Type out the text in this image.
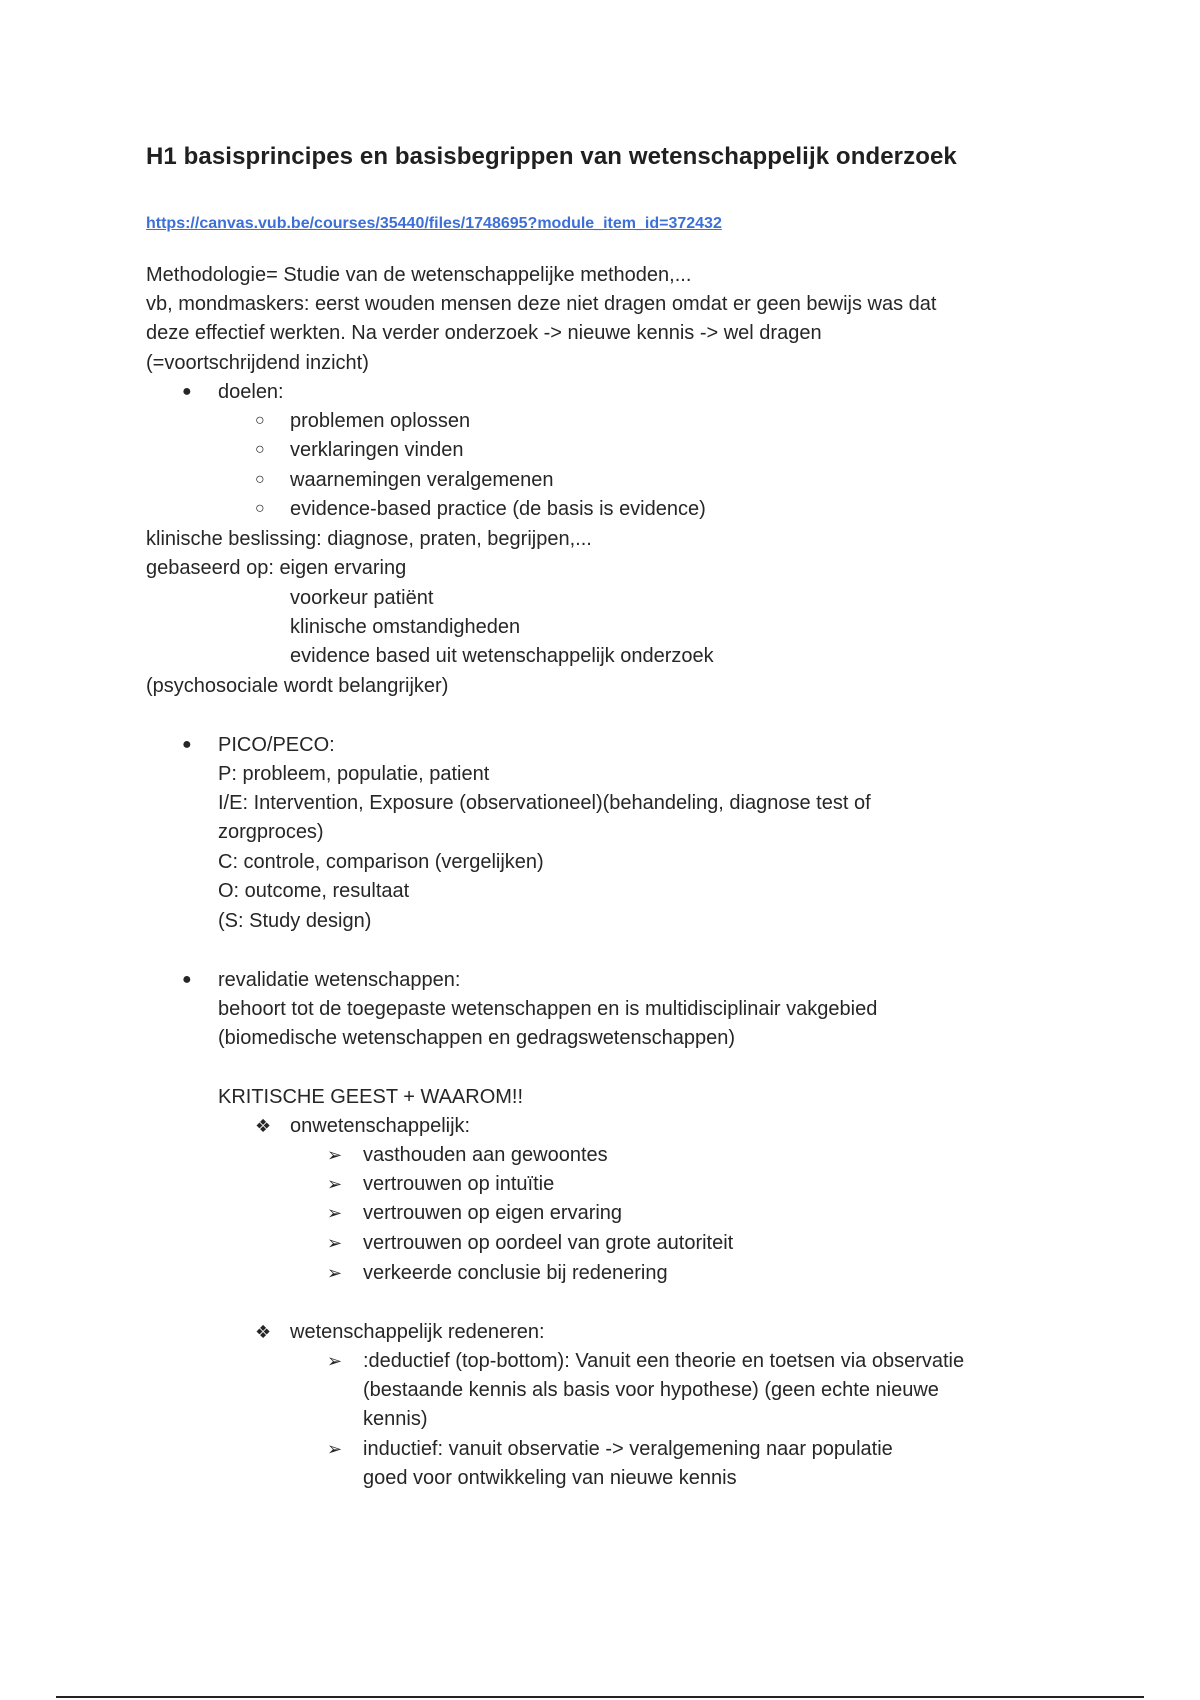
H1 basisprincipes en basisbegrippen van wetenschappelijk onderzoek
https://canvas.vub.be/courses/35440/files/1748695?module_item_id=372432
Methodologie= Studie van de wetenschappelijke methoden,...
vb, mondmaskers: eerst wouden mensen deze niet dragen omdat er geen bewijs was dat
deze effectief werkten. Na verder onderzoek -> nieuwe kennis -> wel dragen
(=voortschrijdend inzicht)
● doelen:
○ problemen oplossen
○ verklaringen vinden
○ waarnemingen veralgemenen
○ evidence-based practice (de basis is evidence)
klinische beslissing: diagnose, praten, begrijpen,...
gebaseerd op: eigen ervaring
voorkeur patiënt
klinische omstandigheden
evidence based uit wetenschappelijk onderzoek
(psychosociale wordt belangrijker)
● PICO/PECO:
P: probleem, populatie, patient
I/E: Intervention, Exposure (observationeel)(behandeling, diagnose test of
zorgproces)
C: controle, comparison (vergelijken)
O: outcome, resultaat
(S: Study design)
● revalidatie wetenschappen:
behoort tot de toegepaste wetenschappen en is multidisciplinair vakgebied
(biomedische wetenschappen en gedragswetenschappen)
KRITISCHE GEEST + WAAROM!!
❖ onwetenschappelijk:
➢ vasthouden aan gewoontes
➢ vertrouwen op intuïtie
➢ vertrouwen op eigen ervaring
➢ vertrouwen op oordeel van grote autoriteit
➢ verkeerde conclusie bij redenering
❖ wetenschappelijk redeneren:
➢ :deductief (top-bottom): Vanuit een theorie en toetsen via observatie
(bestaande kennis als basis voor hypothese) (geen echte nieuwe
kennis)
➢ inductief: vanuit observatie -> veralgemening naar populatie
goed voor ontwikkeling van nieuwe kennis
